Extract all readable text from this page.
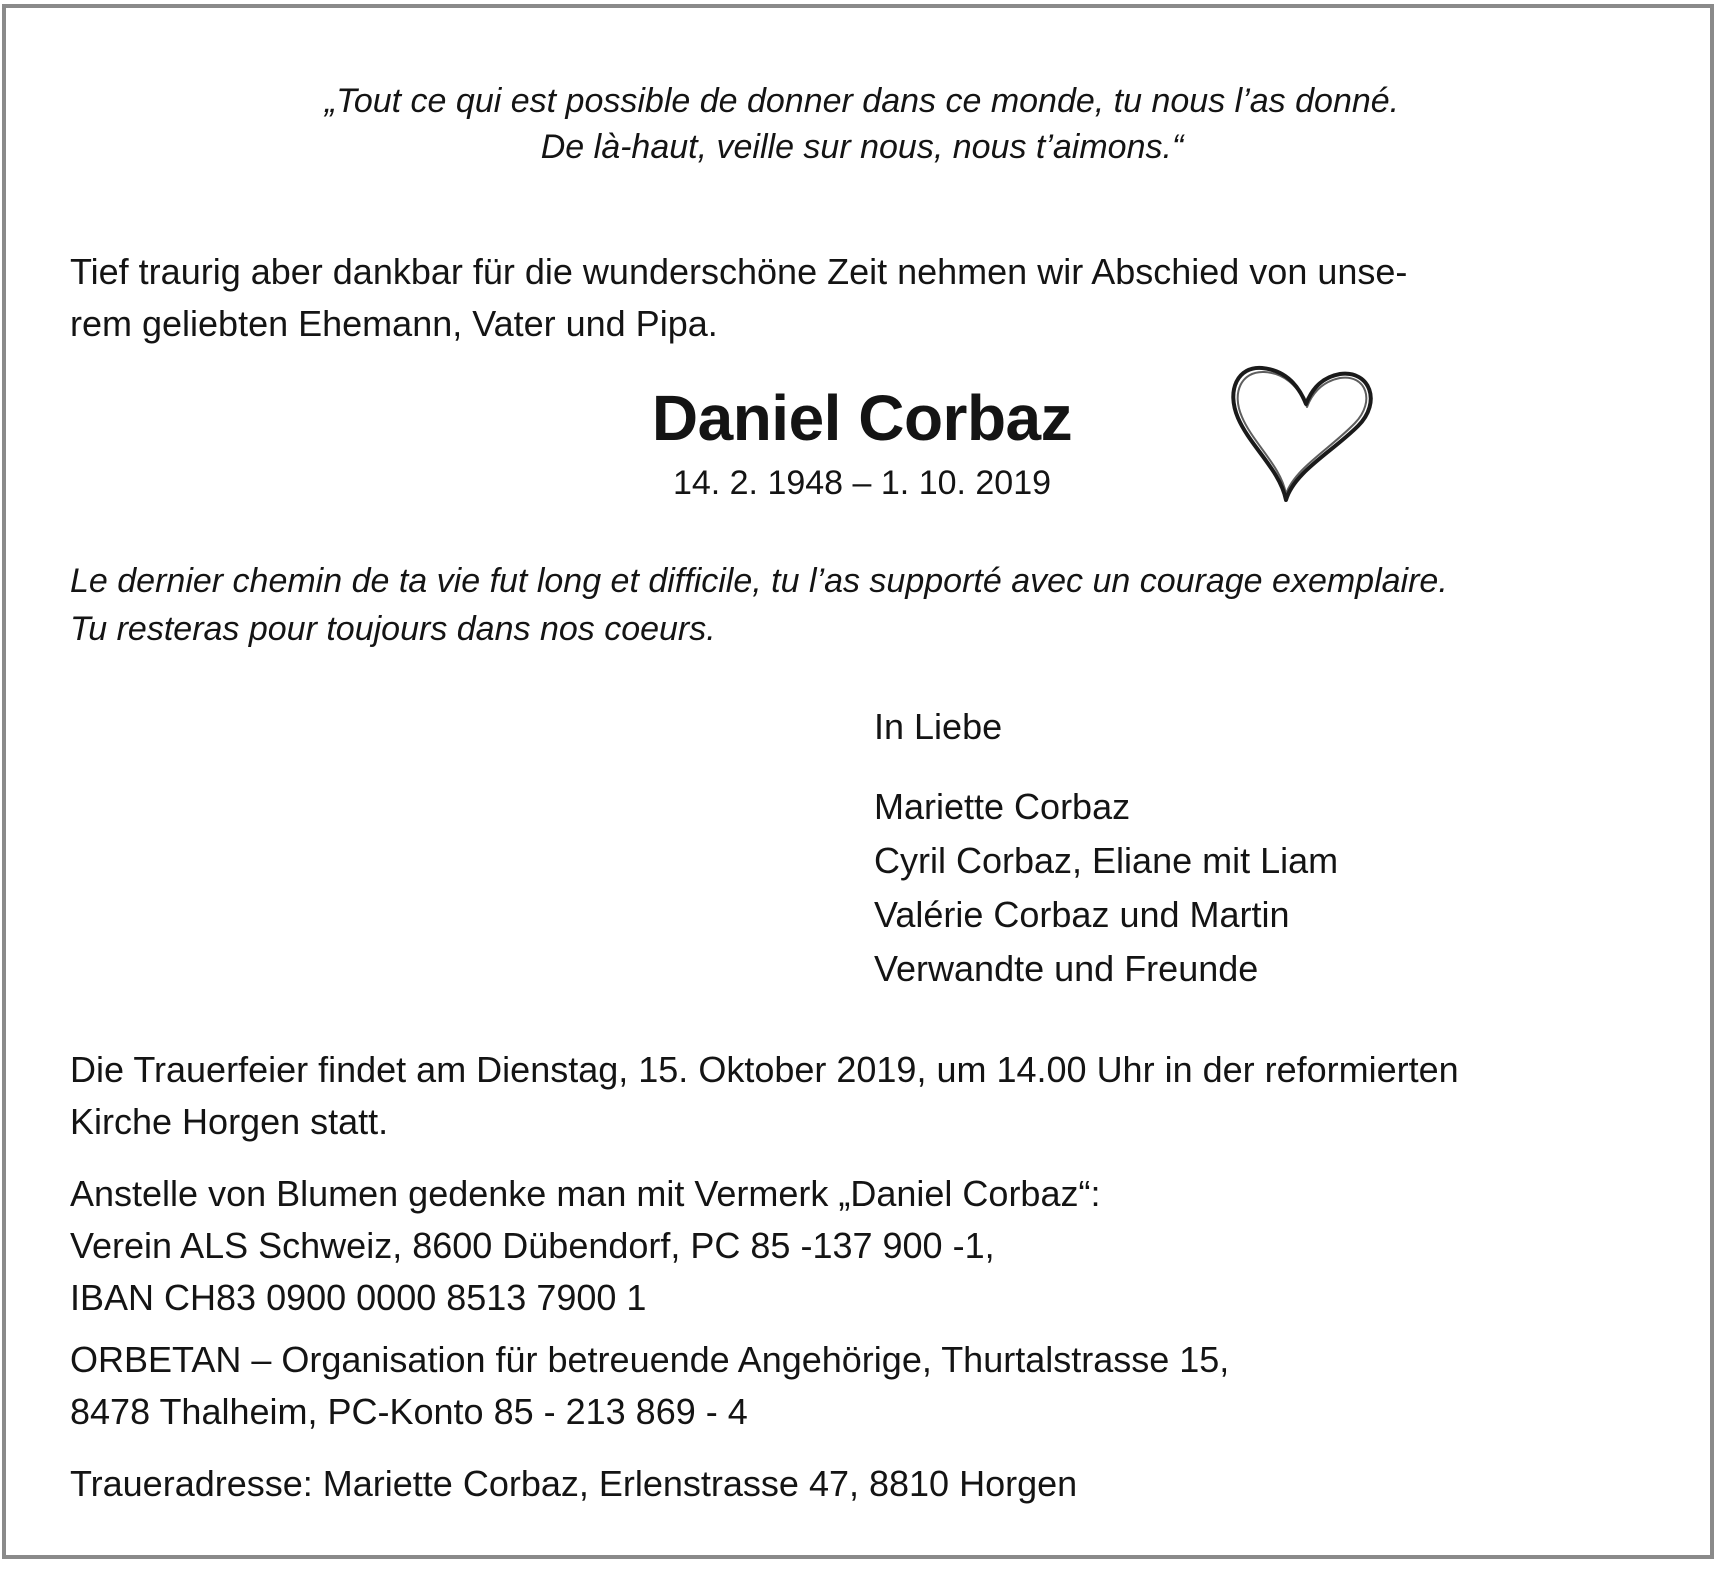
„Tout ce qui est possible de donner dans ce monde, tu nous l’as donné.
De là-haut, veille sur nous, nous t’aimons.“
Tief traurig aber dankbar für die wunderschöne Zeit nehmen wir Abschied von unse-
rem geliebten Ehemann, Vater und Pipa.
Daniel Corbaz
14. 2. 1948 – 1. 10. 2019
Le dernier chemin de ta vie fut long et difficile, tu l’as supporté avec un courage exemplaire.
Tu resteras pour toujours dans nos coeurs.
In Liebe
Mariette Corbaz
Cyril Corbaz, Eliane mit Liam
Valérie Corbaz und Martin
Verwandte und Freunde
Die Trauerfeier findet am Dienstag, 15. Oktober 2019, um 14.00 Uhr in der reformierten
Kirche Horgen statt.
Anstelle von Blumen gedenke man mit Vermerk „Daniel Corbaz“:
Verein ALS Schweiz, 8600 Dübendorf, PC 85 -137 900 -1,
IBAN CH83 0900 0000 8513 7900 1
ORBETAN – Organisation für betreuende Angehörige, Thurtalstrasse 15,
8478 Thalheim, PC-Konto 85 - 213 869 - 4
Traueradresse: Mariette Corbaz, Erlenstrasse 47, 8810 Horgen
